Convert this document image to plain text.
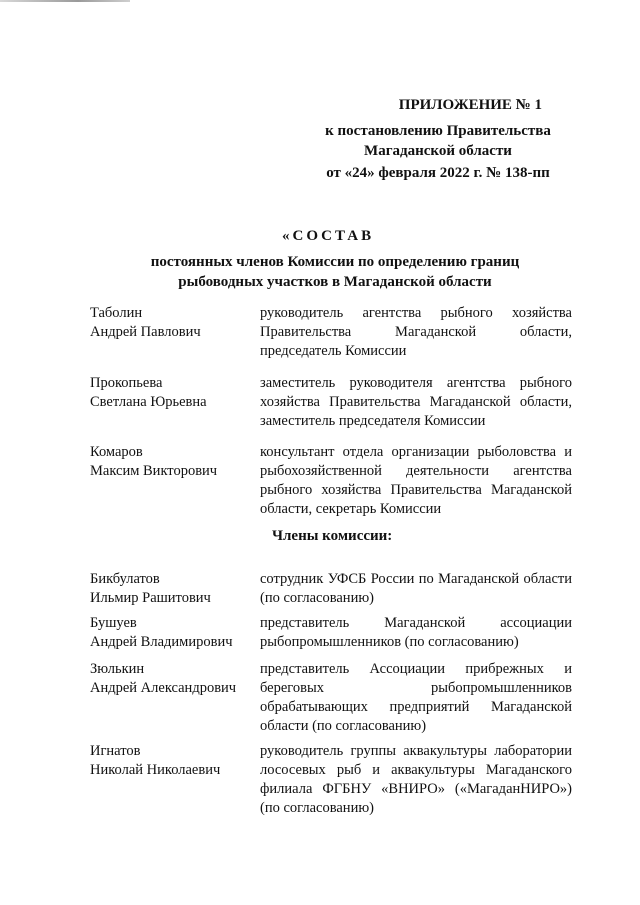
ПРИЛОЖЕНИЕ № 1
к постановлению Правительства
Магаданской области
от «24» февраля 2022 г. № 138-пп
«СОСТАВ
постоянных членов Комиссии по определению границ
рыбоводных участков в Магаданской области
Таболин
Андрей Павлович
руководитель агентства рыбного хозяйства Правительства Магаданской области, председатель Комиссии
Прокопьева
Светлана Юрьевна
заместитель руководителя агентства рыбного хозяйства Правительства Магаданской области, заместитель председателя Комиссии
Комаров
Максим Викторович
консультант отдела организации рыболовства и рыбохозяйственной деятельности агентства рыбного хозяйства Правительства Магаданской области, секретарь Комиссии
Члены комиссии:
Бикбулатов
Ильмир Рашитович
сотрудник УФСБ России по Магаданской области (по согласованию)
Бушуев
Андрей Владимирович
представитель Магаданской ассоциации рыбопромышленников (по согласованию)
Зюлькин
Андрей Александрович
представитель Ассоциации прибрежных и береговых рыбопромышленников обрабатывающих предприятий Магаданской области (по согласованию)
Игнатов
Николай Николаевич
руководитель группы аквакультуры лаборатории лососевых рыб и аквакультуры Магаданского филиала ФГБНУ «ВНИРО» («МагаданНИРО») (по согласованию)
